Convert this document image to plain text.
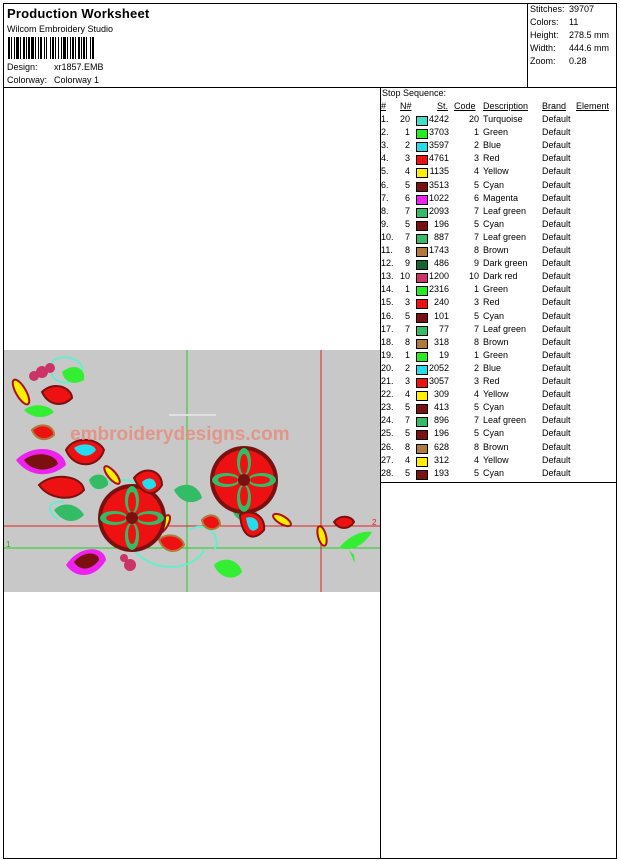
Production Worksheet
Wilcom Embroidery Studio
Design: xr1857.EMB
Colorway: Colorway 1
Stitches: 39707
Colors: 11
Height: 278.5 mm
Width: 444.6 mm
Zoom: 0.28
Stop Sequence:
# N#	St. Code Description Brand Element
1. 20 4242	20 Turquoise Default
2.	1 3703	1 Green	Default
3.	2 3597	2 Blue	Default
4.	3 4761	3 Red	Default
5.	4 1135	4 Yellow	Default
6.	5 3513	5 Cyan	Default
7.	6 1022	6 Magenta	Default
8.	7 2093	7 Leaf green Default
9.	5	196	5 Cyan	Default
10.	7	887	7 Leaf green Default
11.	8 1743	8 Brown	Default
12.	9	486	9 Dark green Default
13. 10 1200	10 Dark red	Default
14.	1 2316	1 Green	Default
15.	3	240	3 Red	Default
16.	5	101	5 Cyan	Default
17.	7	77	7 Leaf green Default
18.	8	318	8 Brown	Default
19.	1	19	1 Green	Default
20.	2 2052	2 Blue	Default
21.	3 3057	3 Red	Default
22.	4	309	4 Yellow	Default
23.	5	413	5 Cyan	Default
24.	7	896	7 Leaf green Default
25.	5	196	5 Cyan	Default
26.	8	628	8 Brown	Default
27.	4	312	4 Yellow	Default
28.	5	193	5 Cyan	Default
1
2
embroiderydesigns.com
